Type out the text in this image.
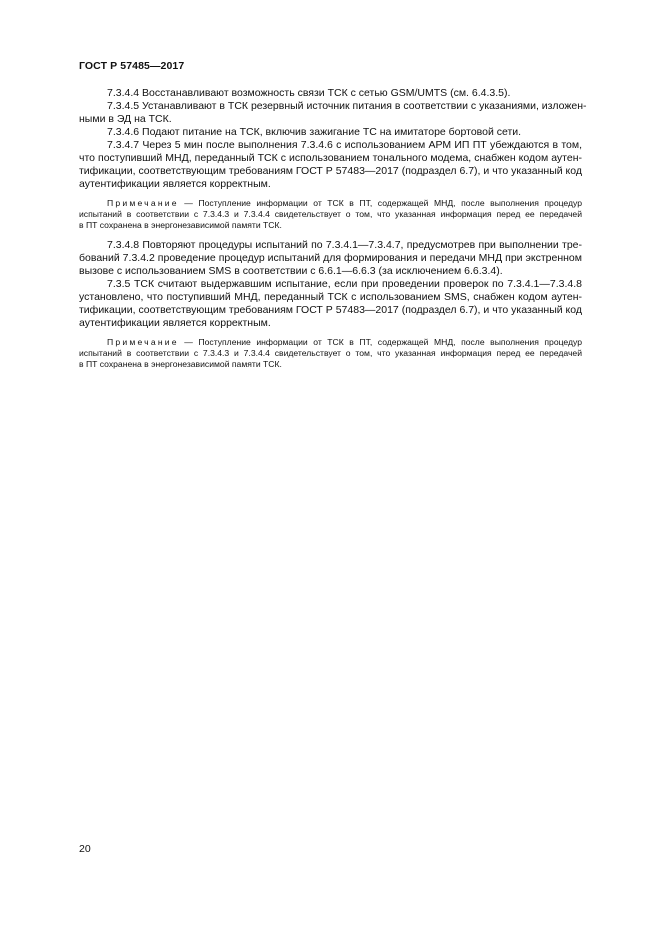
ГОСТ Р 57485—2017
7.3.4.4 Восстанавливают возможность связи ТСК с сетью GSM/UMTS (см. 6.4.3.5).
7.3.4.5 Устанавливают в ТСК резервный источник питания в соответствии с указаниями, изложен-
ными в ЭД на ТСК.
7.3.4.6 Подают питание на ТСК, включив зажигание ТС на имитаторе бортовой сети.
7.3.4.7 Через 5 мин после выполнения 7.3.4.6 с использованием АРМ ИП ПТ убеждаются в том,
что поступивший МНД, переданный ТСК с использованием тонального модема, снабжен кодом аутен-
тификации, соответствующим требованиям ГОСТ Р 57483—2017 (подраздел 6.7), и что указанный код
аутентификации является корректным.
Примечание — Поступление информации от ТСК в ПТ, содержащей МНД, после выполнения процедур
испытаний в соответствии с 7.3.4.3 и 7.3.4.4 свидетельствует о том, что указанная информация перед ее передачей
в ПТ сохранена в энергонезависимой памяти ТСК.
7.3.4.8 Повторяют процедуры испытаний по 7.3.4.1—7.3.4.7, предусмотрев при выполнении тре-
бований 7.3.4.2 проведение процедур испытаний для формирования и передачи МНД при экстренном
вызове с использованием SMS в соответствии с 6.6.1—6.6.3 (за исключением 6.6.3.4).
7.3.5 ТСК считают выдержавшим испытание, если при проведении проверок по 7.3.4.1—7.3.4.8
установлено, что поступивший МНД, переданный ТСК с использованием SMS, снабжен кодом аутен-
тификации, соответствующим требованиям ГОСТ Р 57483—2017 (подраздел 6.7), и что указанный код
аутентификации является корректным.
Примечание — Поступление информации от ТСК в ПТ, содержащей МНД, после выполнения процедур
испытаний в соответствии с 7.3.4.3 и 7.3.4.4 свидетельствует о том, что указанная информация перед ее передачей
в ПТ сохранена в энергонезависимой памяти ТСК.
20
